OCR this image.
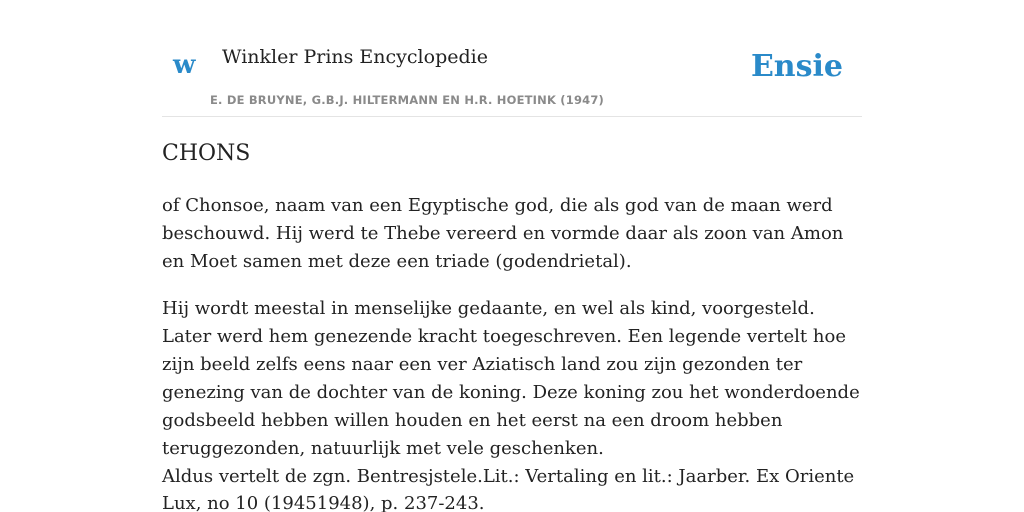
w Winkler Prins Encyclopedie
E. DE BRUYNE, G.B.J. HILTERMANN EN H.R. HOETINK (1947)
Ensie
CHONS

of Chonsoe, naam van een Egyptische god, die als god van de maan werd beschouwd. Hij werd te Thebe vereerd en vormde daar als zoon van Amon en Moet samen met deze een triade (godendrietal).

Hij wordt meestal in menselijke gedaante, en wel als kind, voorgesteld. Later werd hem genezende kracht toegeschreven. Een legende vertelt hoe zijn beeld zelfs eens naar een ver Aziatisch land zou zijn gezonden ter genezing van de dochter van de koning. Deze koning zou het wonderdoende godsbeeld hebben willen houden en het eerst na een droom hebben teruggezonden, natuurlijk met vele geschenken.

Aldus vertelt de zgn. Bentresjstele.Lit.: Vertaling en lit.: Jaarber. Ex Oriente Lux, no 10 (19451948), p. 237-243.
